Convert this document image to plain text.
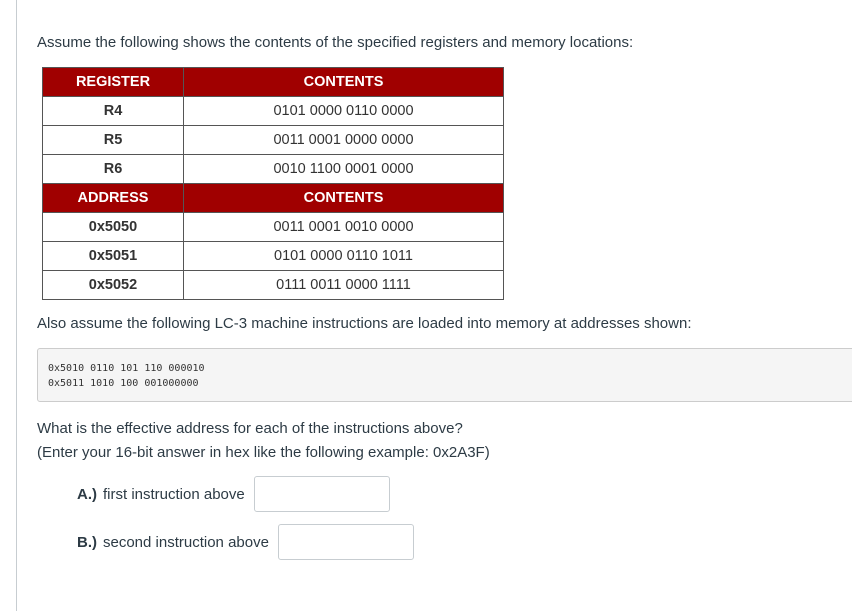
Assume the following shows the contents of the specified registers and memory locations:

REGISTER	CONTENTS
R4	0101 0000 0110 0000
R5	0011 0001 0000 0000
R6	0010 1100 0001 0000
ADDRESS	CONTENTS
0x5050	0011 0001 0010 0000
0x5051	0101 0000 0110 1011
0x5052	0111 0011 0000 1111

Also assume the following LC-3 machine instructions are loaded into memory at addresses shown:

0x5010 0110 101 110 000010
0x5011 1010 100 001000000
What is the effective address for each of the instructions above?
(Enter your 16-bit answer in hex like the following example: 0x2A3F)
A.) first instruction above
B.) second instruction above
